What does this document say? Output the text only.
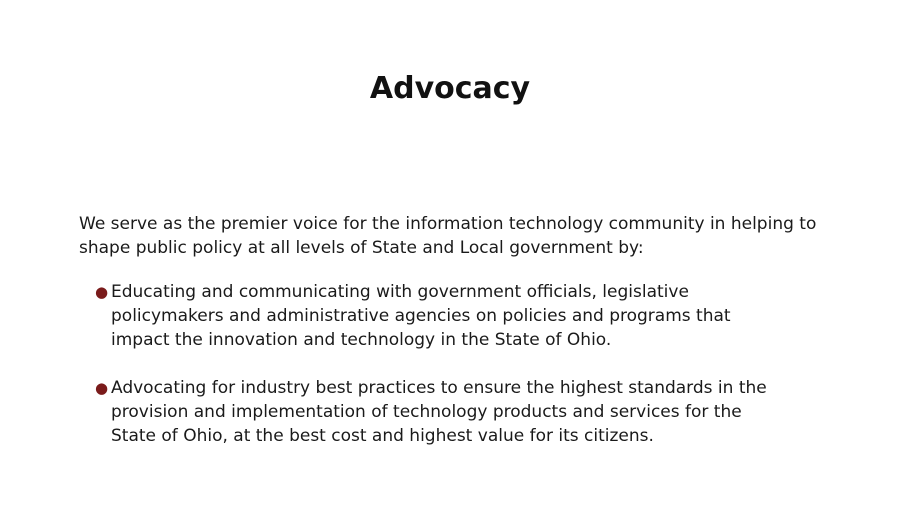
Advocacy

We serve as the premier voice for the information technology community in helping to shape public policy at all levels of State and Local government by:

● Educating and communicating with government officials, legislative policymakers and administrative agencies on policies and programs that impact the innovation and technology in the State of Ohio.
● Advocating for industry best practices to ensure the highest standards in the provision and implementation of technology products and services for the State of Ohio, at the best cost and highest value for its citizens.
